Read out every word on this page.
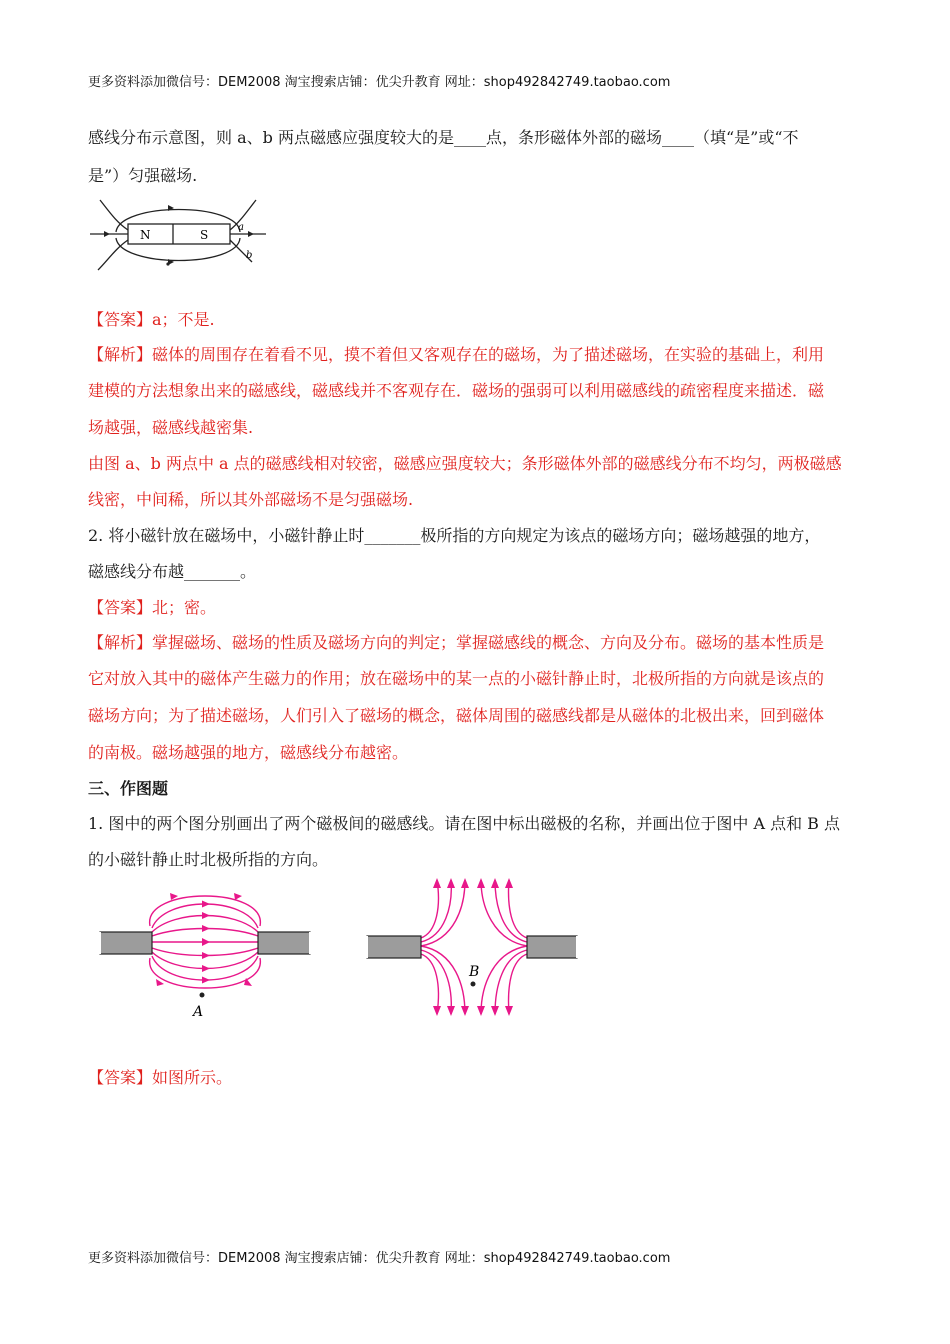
更多资料添加微信号：DEM2008 淘宝搜索店铺：优尖升教育 网址：shop492842749.taobao.com
感线分布示意图，则 a、b 两点磁感应强度较大的是____点，条形磁体外部的磁场____（填“是”或“不
是”）匀强磁场.
N	S
a
b
【答案】a；不是.
【解析】磁体的周围存在着看不见，摸不着但又客观存在的磁场，为了描述磁场，在实验的基础上，利用
建模的方法想象出来的磁感线，磁感线并不客观存在．磁场的强弱可以利用磁感线的疏密程度来描述．磁
场越强，磁感线越密集.
由图 a、b 两点中 a 点的磁感线相对较密，磁感应强度较大；条形磁体外部的磁感线分布不均匀，两极磁感
线密，中间稀，所以其外部磁场不是匀强磁场.
2. 将小磁针放在磁场中，小磁针静止时_______极所指的方向规定为该点的磁场方向；磁场越强的地方，
磁感线分布越_______。
【答案】北；密。
【解析】掌握磁场、磁场的性质及磁场方向的判定；掌握磁感线的概念、方向及分布。磁场的基本性质是
它对放入其中的磁体产生磁力的作用；放在磁场中的某一点的小磁针静止时，北极所指的方向就是该点的
磁场方向；为了描述磁场，人们引入了磁场的概念，磁体周围的磁感线都是从磁体的北极出来，回到磁体
的南极。磁场越强的地方，磁感线分布越密。
三、作图题
1. 图中的两个图分别画出了两个磁极间的磁感线。请在图中标出磁极的名称，并画出位于图中 A 点和 B 点
的小磁针静止时北极所指的方向。
A
B
【答案】如图所示。
更多资料添加微信号：DEM2008 淘宝搜索店铺：优尖升教育 网址：shop492842749.taobao.com
